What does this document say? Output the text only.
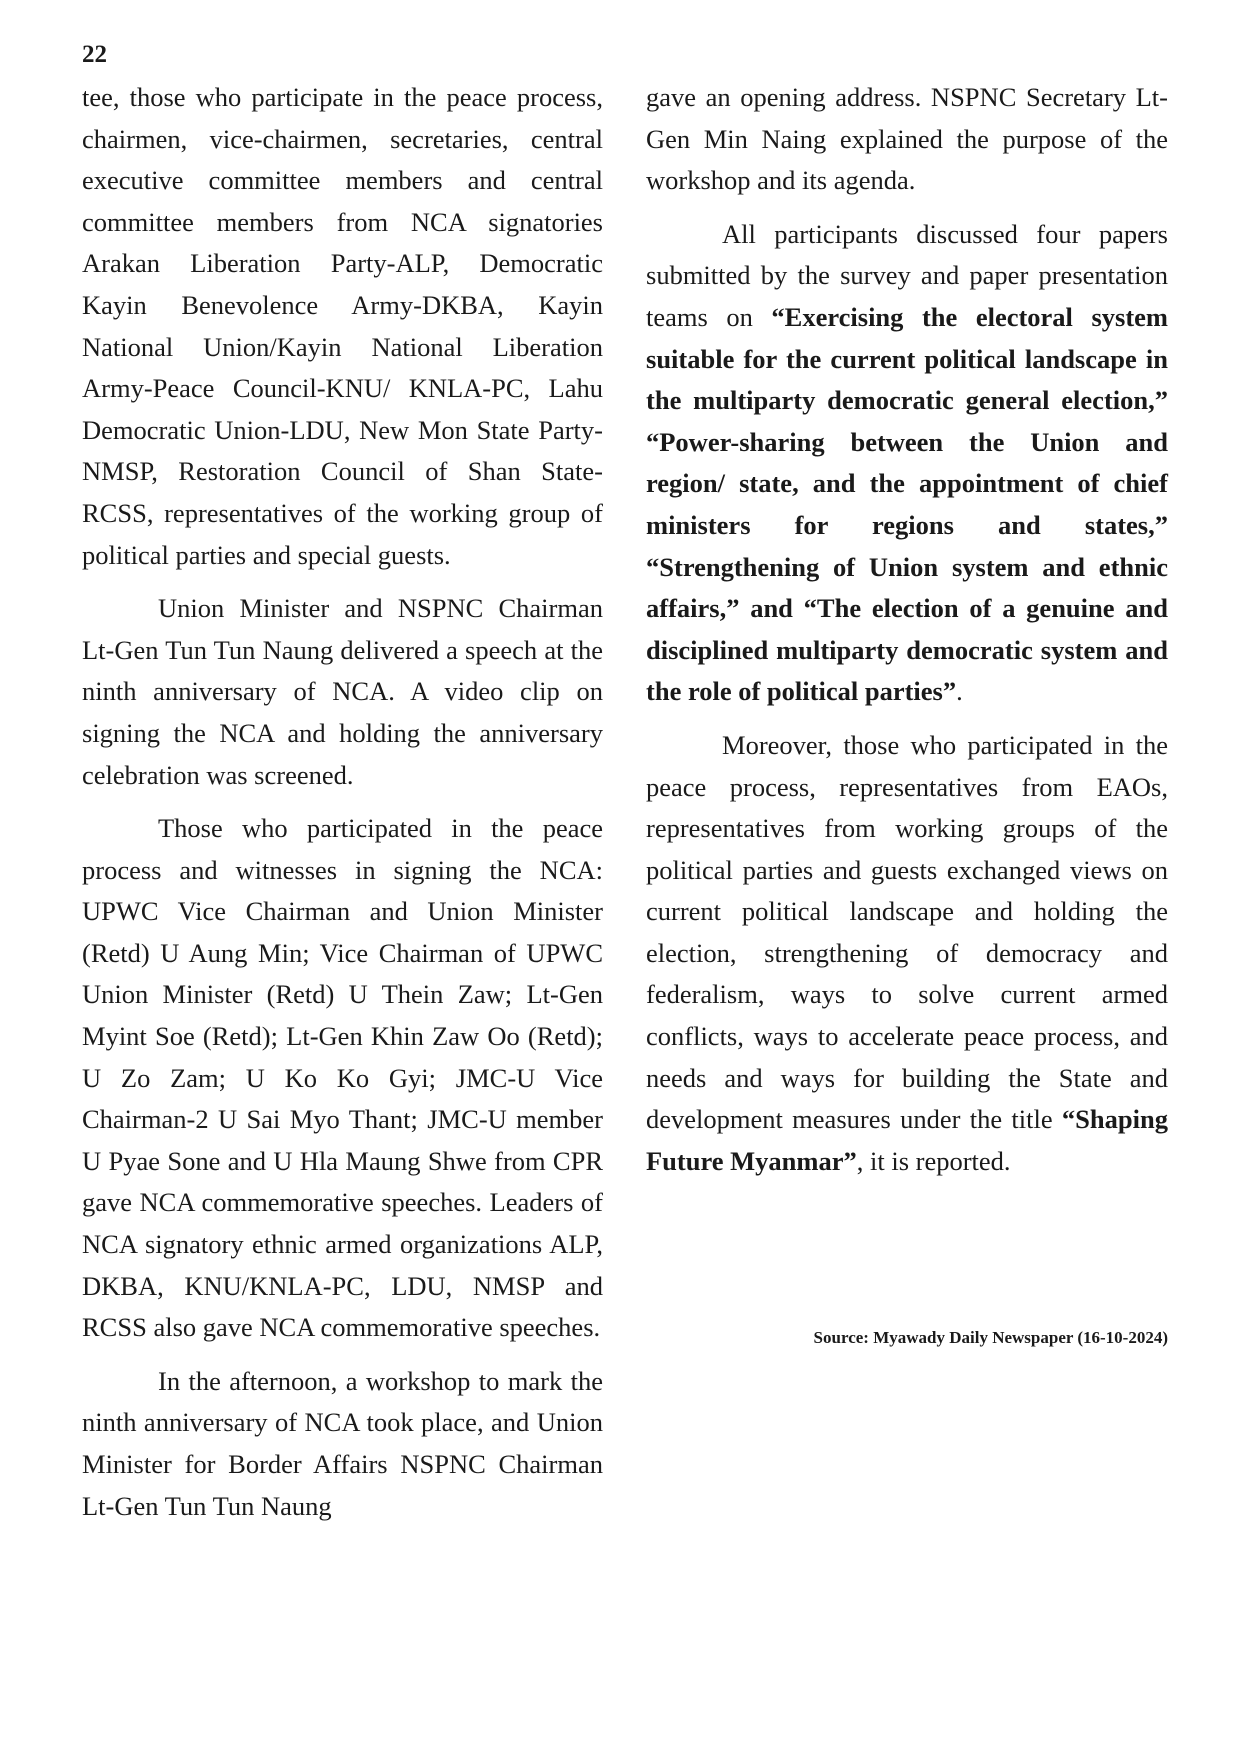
22

tee, those who participate in the peace process, chairmen, vice-chairmen, secretaries, central executive committee members and central committee members from NCA signatories Arakan Liberation Party-ALP, Democratic Kayin Benevolence Army-DKBA, Kayin National Union/Kayin National Liberation Army-Peace Council-KNU/ KNLA-PC, Lahu Democratic Union-LDU, New Mon State Party-NMSP, Restoration Council of Shan State-RCSS, representatives of the working group of political parties and special guests.

Union Minister and NSPNC Chairman Lt-Gen Tun Tun Naung delivered a speech at the ninth anniversary of NCA. A video clip on signing the NCA and holding the anniversary celebration was screened.

Those who participated in the peace process and witnesses in signing the NCA: UPWC Vice Chairman and Union Minister (Retd) U Aung Min; Vice Chairman of UPWC Union Minister (Retd) U Thein Zaw; Lt-Gen Myint Soe (Retd); Lt-Gen Khin Zaw Oo (Retd); U Zo Zam; U Ko Ko Gyi; JMC-U Vice Chairman-2 U Sai Myo Thant; JMC-U member U Pyae Sone and U Hla Maung Shwe from CPR gave NCA commemorative speeches. Leaders of NCA signatory ethnic armed organizations ALP, DKBA, KNU/KNLA-PC, LDU, NMSP and RCSS also gave NCA commemorative speeches.

In the afternoon, a workshop to mark the ninth anniversary of NCA took place, and Union Minister for Border Affairs NSPNC Chairman Lt-Gen Tun Tun Naung

gave an opening address. NSPNC Secretary Lt-Gen Min Naing explained the purpose of the workshop and its agenda.

All participants discussed four papers submitted by the survey and paper presentation teams on “Exercising the electoral system suitable for the current political landscape in the multiparty democratic general election,” “Power-sharing between the Union and region/ state, and the appointment of chief ministers for regions and states,” “Strengthening of Union system and ethnic affairs,” and “The election of a genuine and disciplined multiparty democratic system and the role of political parties”.

Moreover, those who participated in the peace process, representatives from EAOs, representatives from working groups of the political parties and guests exchanged views on current political landscape and holding the election, strengthening of democracy and federalism, ways to solve current armed conflicts, ways to accelerate peace process, and needs and ways for building the State and development measures under the title “Shaping Future Myanmar”, it is reported.

Source: Myawady Daily Newspaper (16-10-2024)
